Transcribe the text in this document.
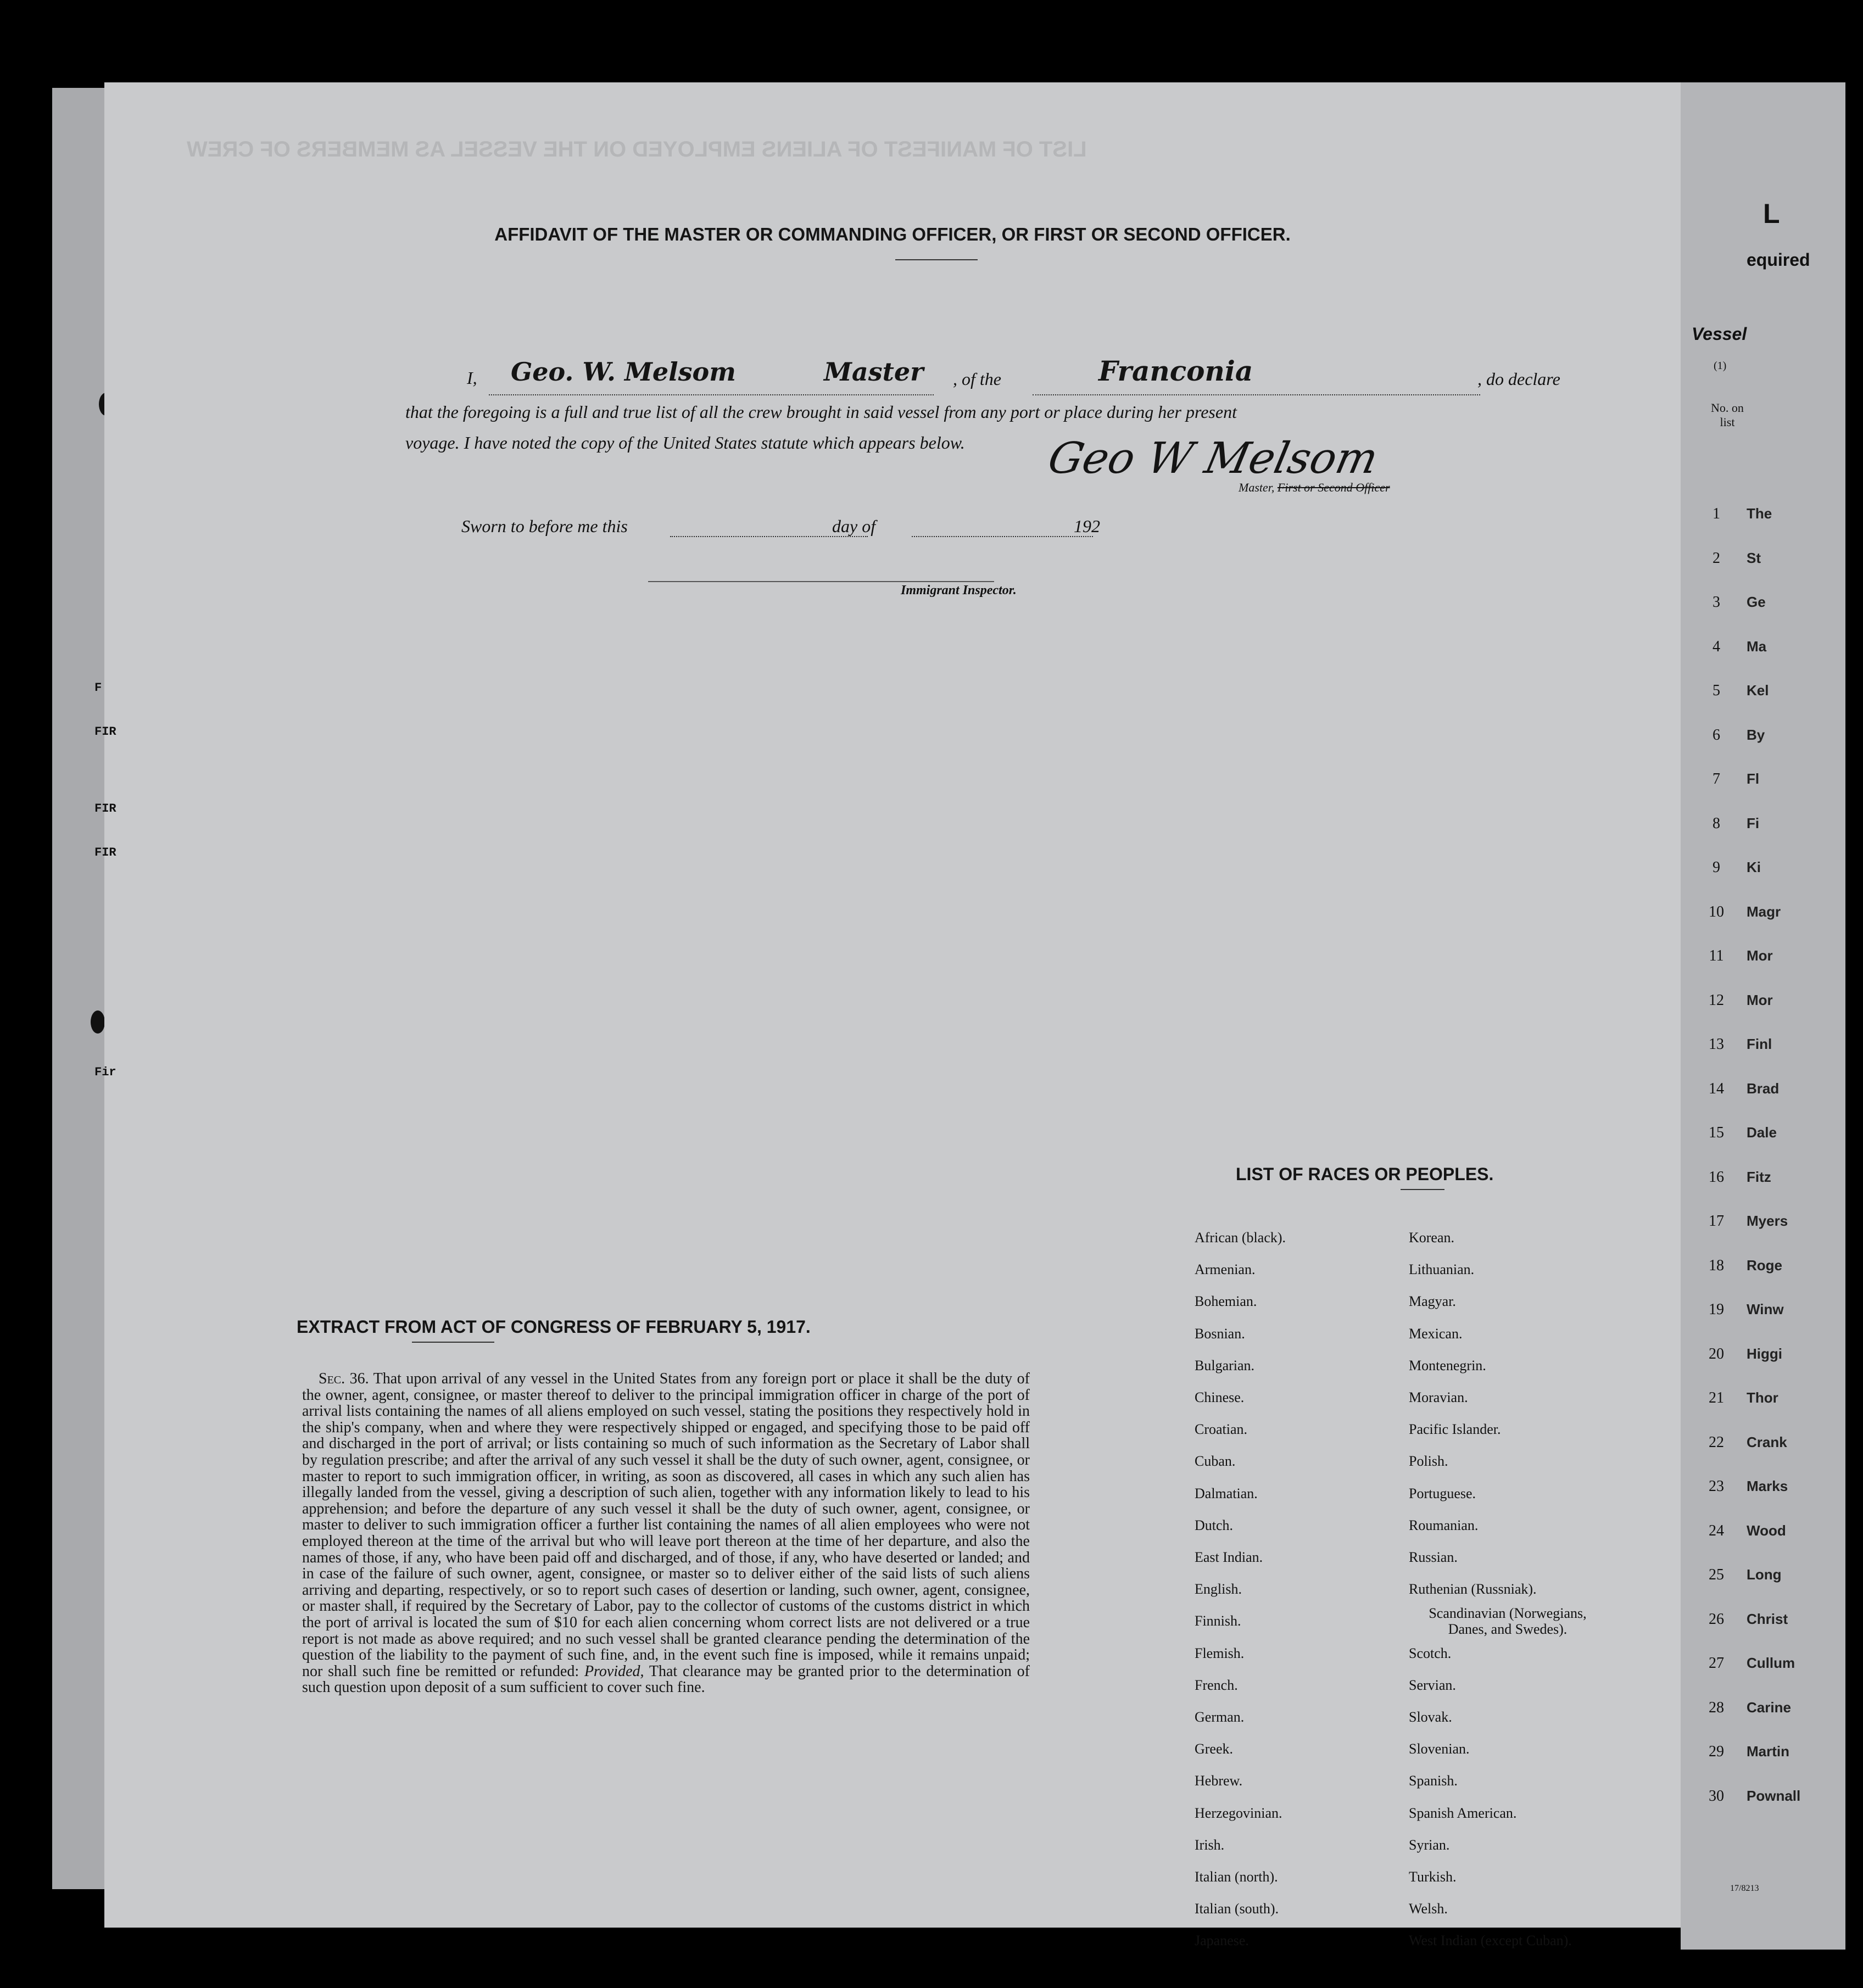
AFFIDAVIT OF THE MASTER OR COMMANDING OFFICER, OR FIRST OR SECOND OFFICER.
I,	Geo. W. Melsom	Master , of the	Franconia	, do declare
that the foregoing is a full and true list of all the crew brought in said vessel from any port or place during her present
voyage. I have noted the copy of the United States statute which appears below. Geo W Melsom
Master, First or Second Officer
Sworn to before me this	day of	192
Immigrant Inspector.
LIST OF MANIFEST OF ALIENS EMPLOYED ON THE VESSEL AS MEMBERS OF CREW
EXTRACT FROM ACT OF CONGRESS OF FEBRUARY 5, 1917.
Sec. 36. That upon arrival of any vessel in the United States from any foreign port or place it shall be the duty of the owner, agent, consignee, or master thereof to deliver to the principal immigration officer in charge of the port of arrival lists containing the names of all aliens employed on such vessel, stating the positions they respectively hold in the ship's company, when and where they were respectively shipped or engaged, and specifying those to be paid off and discharged in the port of arrival; or lists containing so much of such information as the Secretary of Labor shall by regulation prescribe; and after the arrival of any such vessel it shall be the duty of such owner, agent, consignee, or master to report to such immigration officer, in writing, as soon as discovered, all cases in which any such alien has illegally landed from the vessel, giving a description of such alien, together with any information likely to lead to his apprehension; and before the departure of any such vessel it shall be the duty of such owner, agent, consignee, or master to deliver to such immigration officer a further list containing the names of all alien employees who were not employed thereon at the time of the arrival but who will leave port thereon at the time of her departure, and also the names of those, if any, who have been paid off and discharged, and of those, if any, who have deserted or landed; and in case of the failure of such owner, agent, consignee, or master so to deliver either of the said lists of such aliens arriving and departing, respectively, or so to report such cases of desertion or landing, such owner, agent, consignee, or master shall, if required by the Secretary of Labor, pay to the collector of customs of the customs district in which the port of arrival is located the sum of $10 for each alien concerning whom correct lists are not delivered or a true report is not made as above required; and no such vessel shall be granted clearance pending the determination of the question of the liability to the payment of such fine, and, in the event such fine is imposed, while it remains unpaid; nor shall such fine be remitted or refunded: Provided, That clearance may be granted prior to the determination of such question upon deposit of a sum sufficient to cover such fine.
LIST OF RACES OR PEOPLES.
African (black).
Armenian.
Bohemian.
Bosnian.
Bulgarian.
Chinese.
Croatian.
Cuban.
Dalmatian.
Dutch.
East Indian.
English.
Finnish.
Flemish.
French.
German.
Greek.
Hebrew.
Herzegovinian.
Irish.
Italian (north).
Italian (south).
Japanese.
Korean.
Lithuanian.
Magyar.
Mexican.
Montenegrin.
Moravian.
Pacific Islander.
Polish.
Portuguese.
Roumanian.
Russian.
Ruthenian (Russniak).
Scandinavian (Norwegians, Danes, and Swedes).
Scotch.
Servian.
Slovak.
Slovenian.
Spanish.
Spanish American.
Syrian.
Turkish.
Welsh.
West Indian (except Cuban).
L
equired
Vessel
(1)
No. on list
17/8213
1	The
2	St
3	Ge
4	Ma
5	Kel
6	By
7	Fl
8	Fi
9	Ki
10	Magr
11	Mor
12	Mor
13	Finl
14	Brad
15	Dale
16	Fitz
17	Myers
18	Roge
19	Winw
20	Higgi
21	Thor
22	Crank
23	Marks
24	Wood
25	Long
26	Christ
27	Cullum
28	Carine
29	Martin
30	Pownall
F
FIR
FIR
FIR
Fir
